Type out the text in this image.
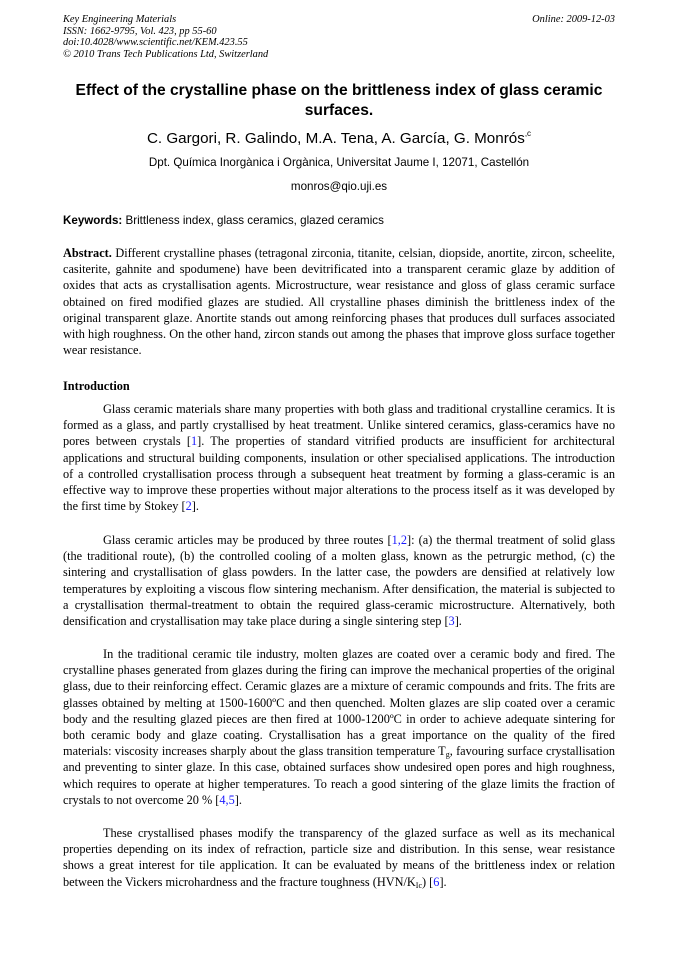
Key Engineering Materials
ISSN: 1662-9795, Vol. 423, pp 55-60
doi:10.4028/www.scientific.net/KEM.423.55
© 2010 Trans Tech Publications Ltd, Switzerland
Online: 2009-12-03
Effect of the crystalline phase on the brittleness index of glass ceramic surfaces.
C. Gargori, R. Galindo, M.A. Tena, A. García, G. Monrós$^{,c}$
Dpt. Química Inorgànica i Orgànica, Universitat Jaume I, 12071, Castellón
monros@qio.uji.es
Keywords: Brittleness index, glass ceramics, glazed ceramics
Abstract. Different crystalline phases (tetragonal zirconia, titanite, celsian, diopside, anortite, zircon, scheelite, casiterite, gahnite and spodumene) have been devitrificated into a transparent ceramic glaze by addition of oxides that acts as crystallisation agents. Microstructure, wear resistance and gloss of glass ceramic surface obtained on fired modified glazes are studied. All crystalline phases diminish the brittleness index of the original transparent glaze. Anortite stands out among reinforcing phases that produces dull surfaces associated with high roughness. On the other hand, zircon stands out among the phases that improve gloss surface together wear resistance.
Introduction

Glass ceramic materials share many properties with both glass and traditional crystalline ceramics. It is formed as a glass, and partly crystallised by heat treatment. Unlike sintered ceramics, glass-ceramics have no pores between crystals [1]. The properties of standard vitrified products are insufficient for architectural applications and structural building components, insulation or other specialised applications. The introduction of a controlled crystallisation process through a subsequent heat treatment by forming a glass-ceramic is an effective way to improve these properties without major alterations to the process itself as it was developed by the first time by Stokey [2].

Glass ceramic articles may be produced by three routes [1,2]: (a) the thermal treatment of solid glass (the traditional route), (b) the controlled cooling of a molten glass, known as the petrurgic method, (c) the sintering and crystallisation of glass powders. In the latter case, the powders are densified at relatively low temperatures by exploiting a viscous flow sintering mechanism. After densification, the material is subjected to a crystallisation thermal-treatment to obtain the required glass-ceramic microstructure. Alternatively, both densification and crystallisation may take place during a single sintering step [3].

In the traditional ceramic tile industry, molten glazes are coated over a ceramic body and fired. The crystalline phases generated from glazes during the firing can improve the mechanical properties of the original glass, due to their reinforcing effect. Ceramic glazes are a mixture of ceramic compounds and frits. The frits are glasses obtained by melting at 1500-1600ºC and then quenched. Molten glazes are slip coated over a ceramic body and the resulting glazed pieces are then fired at 1000-1200ºC in order to achieve adequate sintering for both ceramic body and glaze coating. Crystallisation has a great importance on the quality of the fired materials: viscosity increases sharply about the glass transition temperature $T_g$, favouring surface crystallisation and preventing to sinter glaze. In this case, obtained surfaces show undesired open pores and high roughness, which requires to operate at higher temperatures. To reach a good sintering of the glaze limits the fraction of crystals to not overcome 20 % [4,5].

These crystallised phases modify the transparency of the glazed surface as well as its mechanical properties depending on its index of refraction, particle size and distribution. In this sense, wear resistance shows a great interest for tile application. It can be evaluated by means of the brittleness index or relation between the Vickers microhardness and the fracture toughness $(HVN/K_{Ic})$ [6].
